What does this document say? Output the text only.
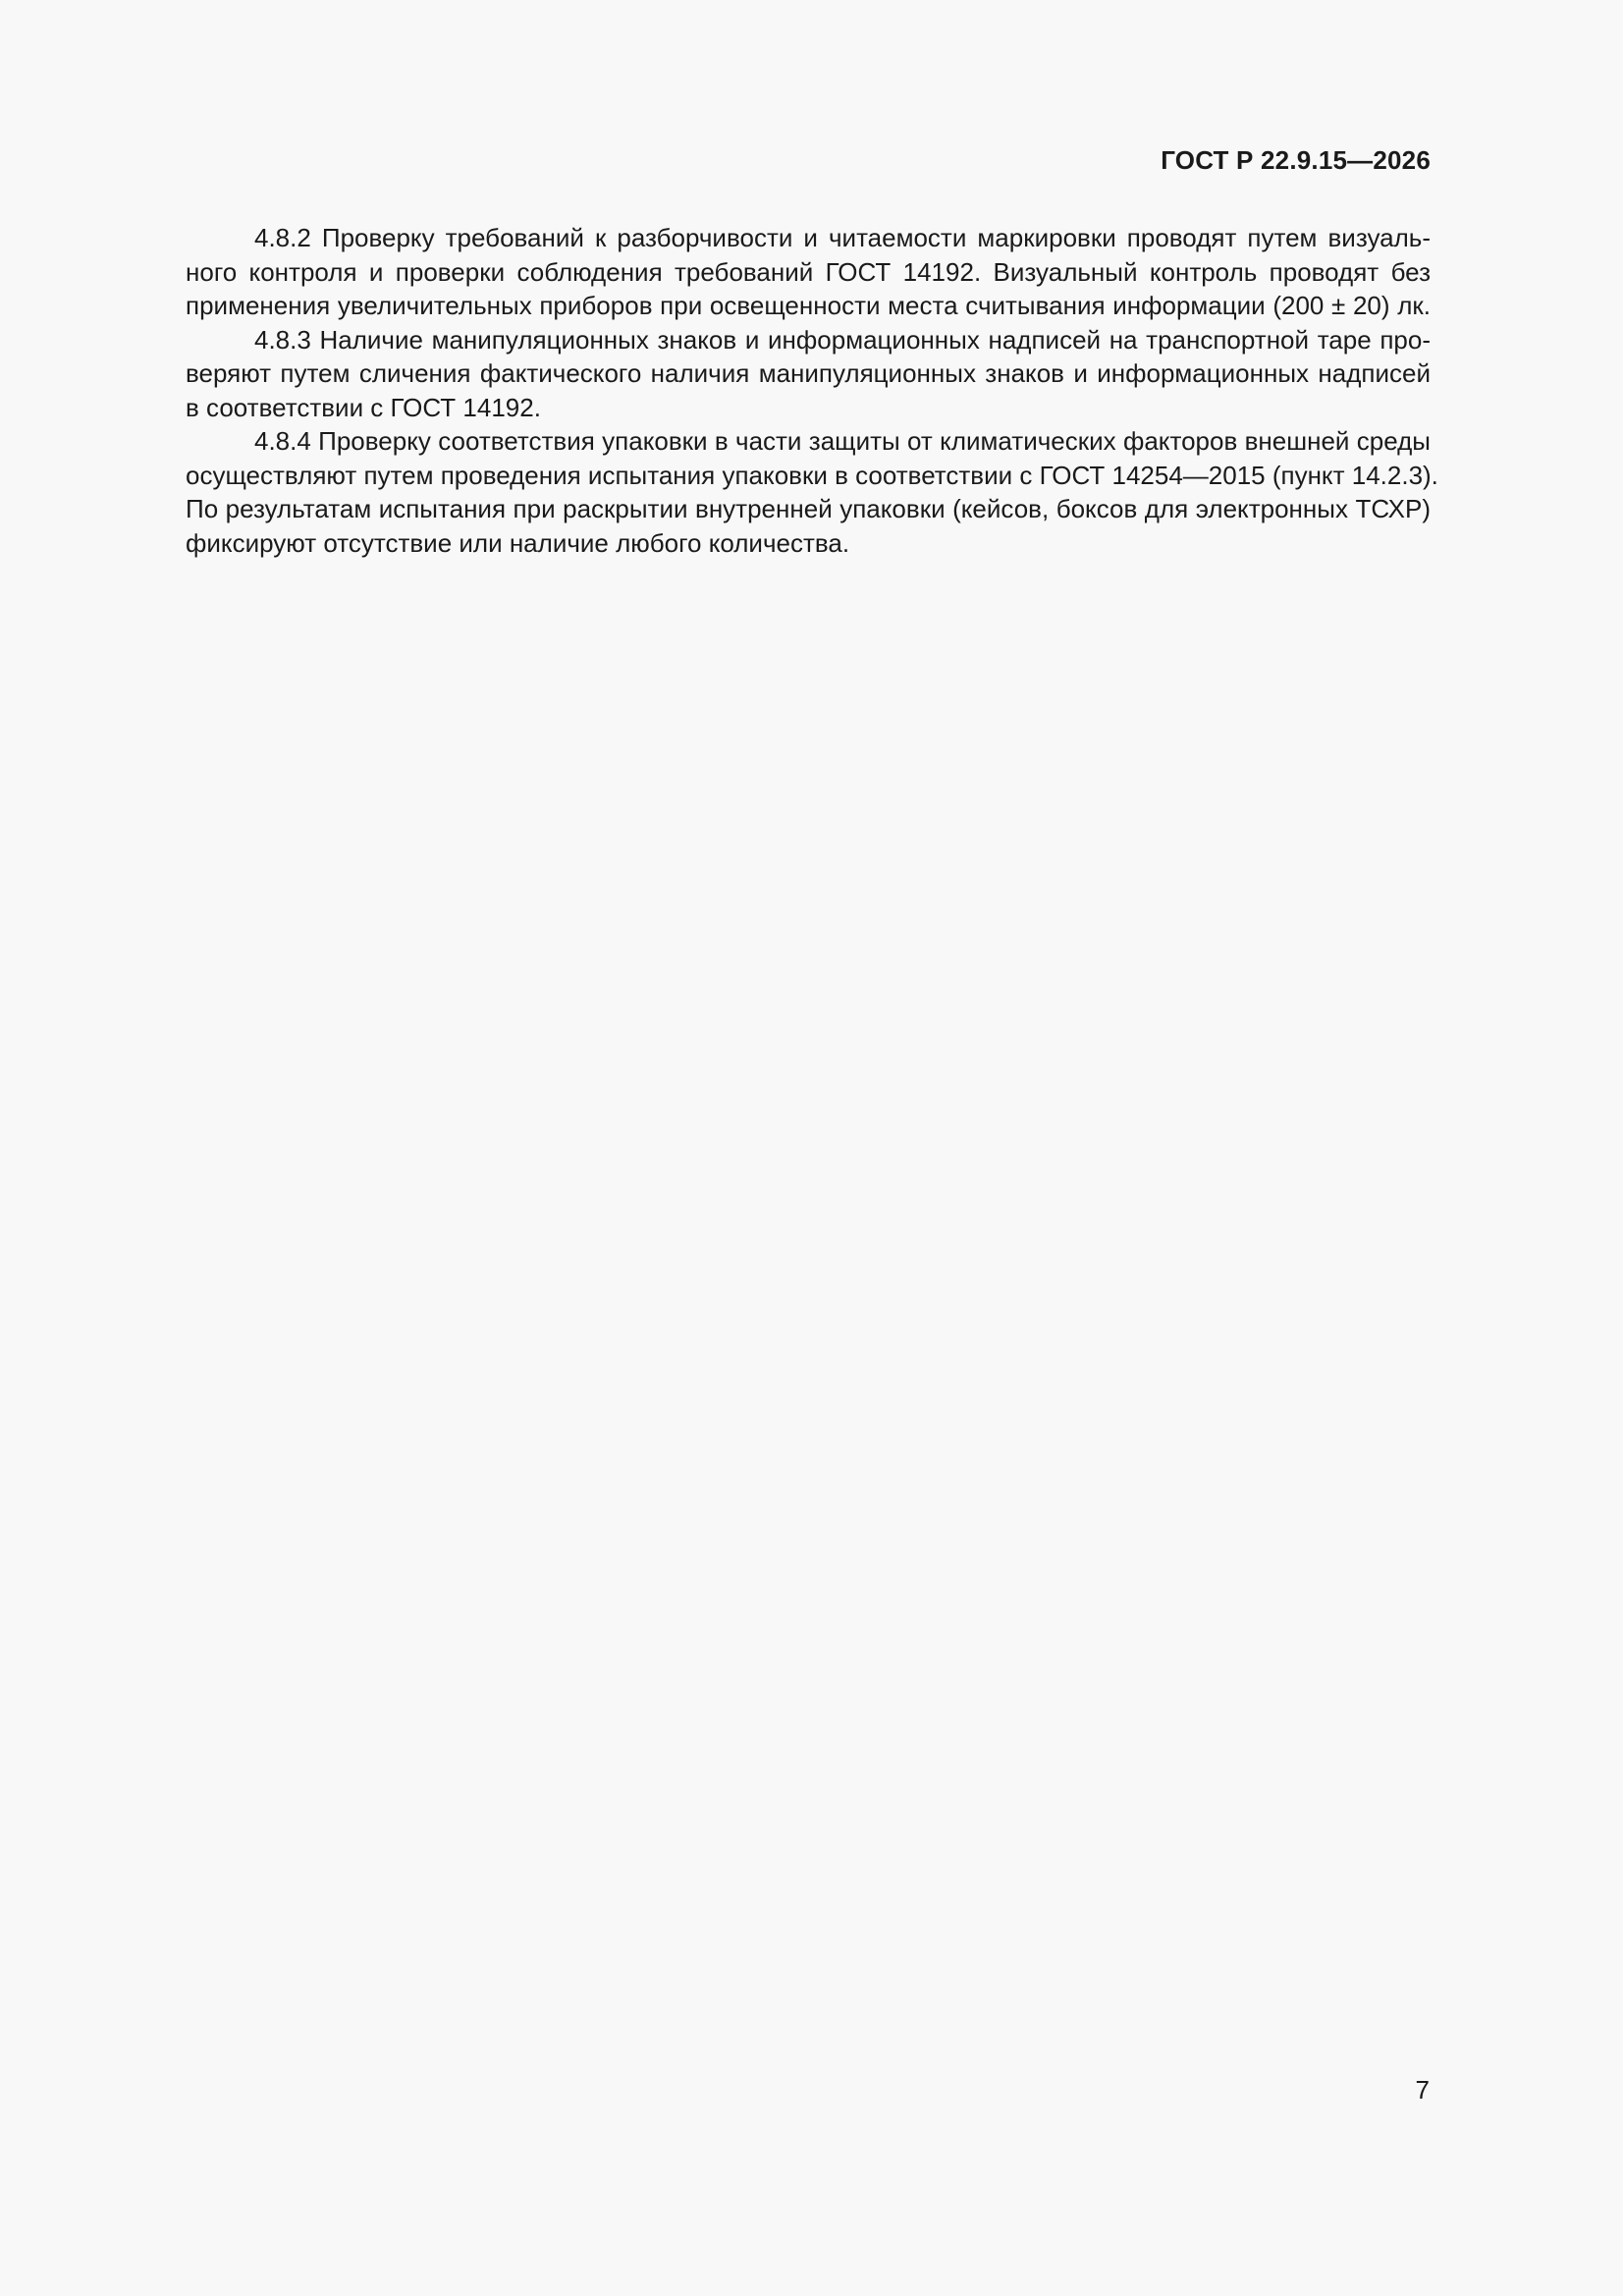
ГОСТ Р 22.9.15—2026
4.8.2 Проверку требований к разборчивости и читаемости маркировки проводят путем визуаль-
ного контроля и проверки соблюдения требований ГОСТ 14192. Визуальный контроль проводят без
применения увеличительных приборов при освещенности места считывания информации (200 ± 20) лк.
4.8.3 Наличие манипуляционных знаков и информационных надписей на транспортной таре про-
веряют путем сличения фактического наличия манипуляционных знаков и информационных надписей
в соответствии с ГОСТ 14192.
4.8.4 Проверку соответствия упаковки в части защиты от климатических факторов внешней среды
осуществляют путем проведения испытания упаковки в соответствии с ГОСТ 14254—2015 (пункт 14.2.3).
По результатам испытания при раскрытии внутренней упаковки (кейсов, боксов для электронных ТСХР)
фиксируют отсутствие или наличие любого количества.
7
